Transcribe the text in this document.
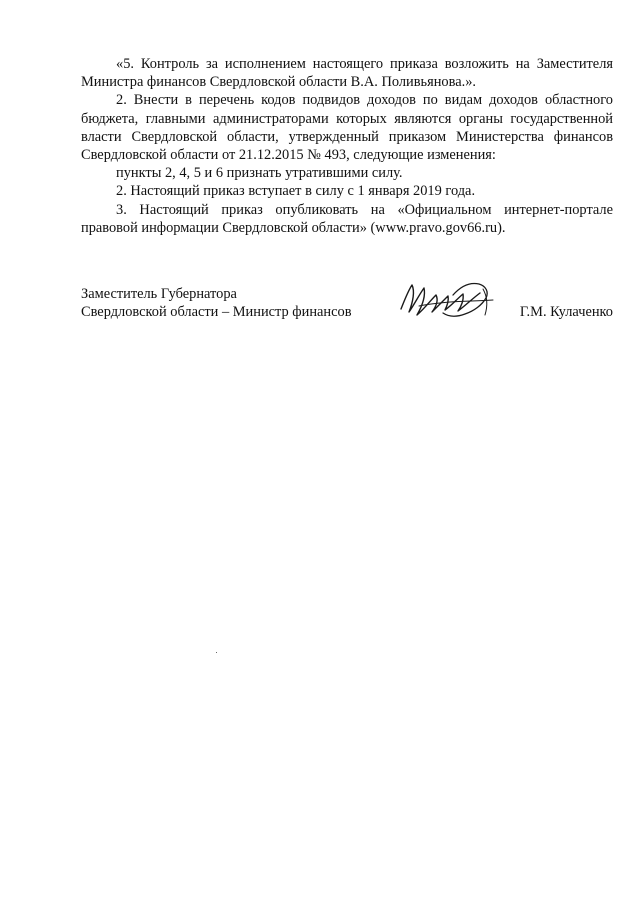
«5. Контроль за исполнением настоящего приказа возложить на Заместителя Министра финансов Свердловской области В.А. Поливьянова.».

2. Внести в перечень кодов подвидов доходов по видам доходов областного бюджета, главными администраторами которых являются органы государственной власти Свердловской области, утвержденный приказом Министерства финансов Свердловской области от 21.12.2015 № 493, следующие изменения:

пункты 2, 4, 5 и 6 признать утратившими силу.

2. Настоящий приказ вступает в силу с 1 января 2019 года.

3. Настоящий приказ опубликовать на «Официальном интернет-портале правовой информации Свердловской области» (www.pravo.gov66.ru).

Заместитель Губернатора
Свердловской области – Министр финансов	Г.М. Кулаченко
